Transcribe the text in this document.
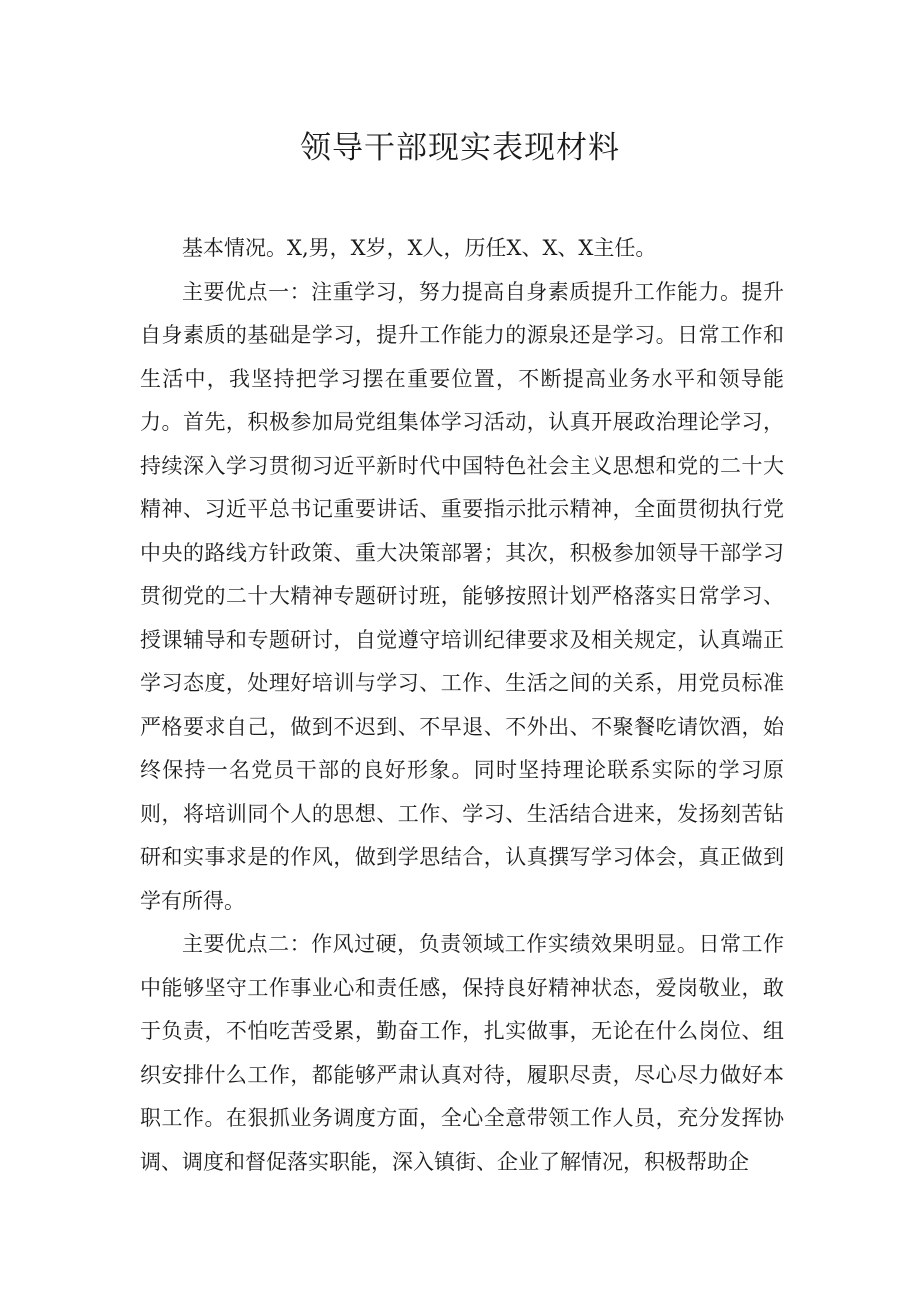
领导干部现实表现材料

基本情况。X,男，X岁，X人，历任X、X、X主任。

主要优点一：注重学习，努力提高自身素质提升工作能力。提升自身素质的基础是学习，提升工作能力的源泉还是学习。日常工作和生活中，我坚持把学习摆在重要位置，不断提高业务水平和领导能力。首先，积极参加局党组集体学习活动，认真开展政治理论学习，持续深入学习贯彻习近平新时代中国特色社会主义思想和党的二十大精神、习近平总书记重要讲话、重要指示批示精神，全面贯彻执行党中央的路线方针政策、重大决策部署；其次，积极参加领导干部学习贯彻党的二十大精神专题研讨班，能够按照计划严格落实日常学习、授课辅导和专题研讨，自觉遵守培训纪律要求及相关规定，认真端正学习态度，处理好培训与学习、工作、生活之间的关系，用党员标准严格要求自己，做到不迟到、不早退、不外出、不聚餐吃请饮酒，始终保持一名党员干部的良好形象。同时坚持理论联系实际的学习原则，将培训同个人的思想、工作、学习、生活结合进来，发扬刻苦钻研和实事求是的作风，做到学思结合，认真撰写学习体会，真正做到学有所得。

主要优点二：作风过硬，负责领域工作实绩效果明显。日常工作中能够坚守工作事业心和责任感，保持良好精神状态，爱岗敬业，敢于负责，不怕吃苦受累，勤奋工作，扎实做事，无论在什么岗位、组织安排什么工作，都能够严肃认真对待，履职尽责，尽心尽力做好本职工作。在狠抓业务调度方面，全心全意带领工作人员，充分发挥协调、调度和督促落实职能，深入镇街、企业了解情况，积极帮助企
